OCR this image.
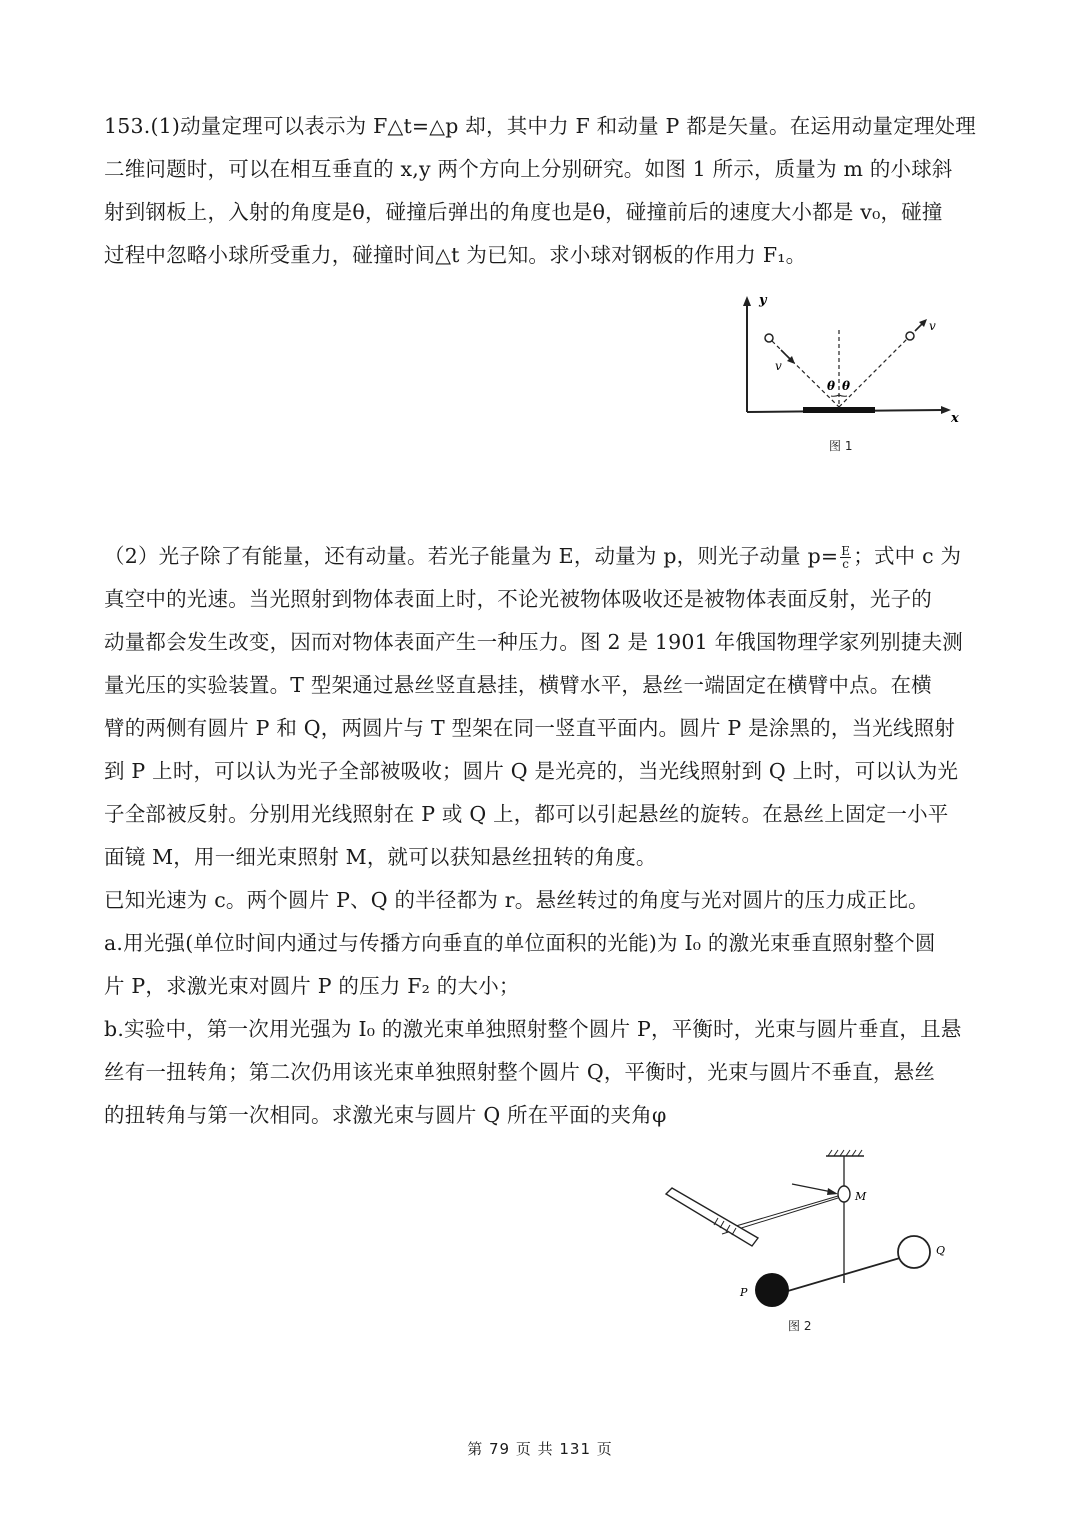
153.(1)动量定理可以表示为 F△t=△p 却，其中力 F 和动量 P 都是矢量。在运用动量定理处理

二维问题时，可以在相互垂直的 x,y 两个方向上分别研究。如图 1 所示，质量为 m 的小球斜

射到钢板上，入射的角度是θ，碰撞后弹出的角度也是θ，碰撞前后的速度大小都是 v₀，碰撞

过程中忽略小球所受重力，碰撞时间△t 为已知。求小球对钢板的作用力 F₁。

y
x
v
v
θ θ
图 1

（2）光子除了有能量，还有动量。若光子能量为 E，动量为 p，则光子动量 $p= \frac{E}{c}$ ；式中 c 为

真空中的光速。当光照射到物体表面上时，不论光被物体吸收还是被物体表面反射，光子的

动量都会发生改变，因而对物体表面产生一种压力。图 2 是 1901 年俄国物理学家列别捷夫测

量光压的实验装置。T 型架通过悬丝竖直悬挂，横臂水平，悬丝一端固定在横臂中点。在横

臂的两侧有圆片 P 和 Q，两圆片与 T 型架在同一竖直平面内。圆片 P 是涂黑的，当光线照射

到 P 上时，可以认为光子全部被吸收；圆片 Q 是光亮的，当光线照射到 Q 上时，可以认为光

子全部被反射。分别用光线照射在 P 或 Q 上，都可以引起悬丝的旋转。在悬丝上固定一小平

面镜 M，用一细光束照射 M，就可以获知悬丝扭转的角度。

已知光速为 c。两个圆片 P、Q 的半径都为 r。悬丝转过的角度与光对圆片的压力成正比。

a.用光强(单位时间内通过与传播方向垂直的单位面积的光能)为 I₀ 的激光束垂直照射整个圆

片 P，求激光束对圆片 P 的压力 F₂ 的大小；

b.实验中，第一次用光强为 I₀ 的激光束单独照射整个圆片 P，平衡时，光束与圆片垂直，且悬

丝有一扭转角；第二次仍用该光束单独照射整个圆片 Q，平衡时，光束与圆片不垂直，悬丝

的扭转角与第一次相同。求激光束与圆片 Q 所在平面的夹角φ

M
Q
P
图 2
第 79 页 共 131 页
